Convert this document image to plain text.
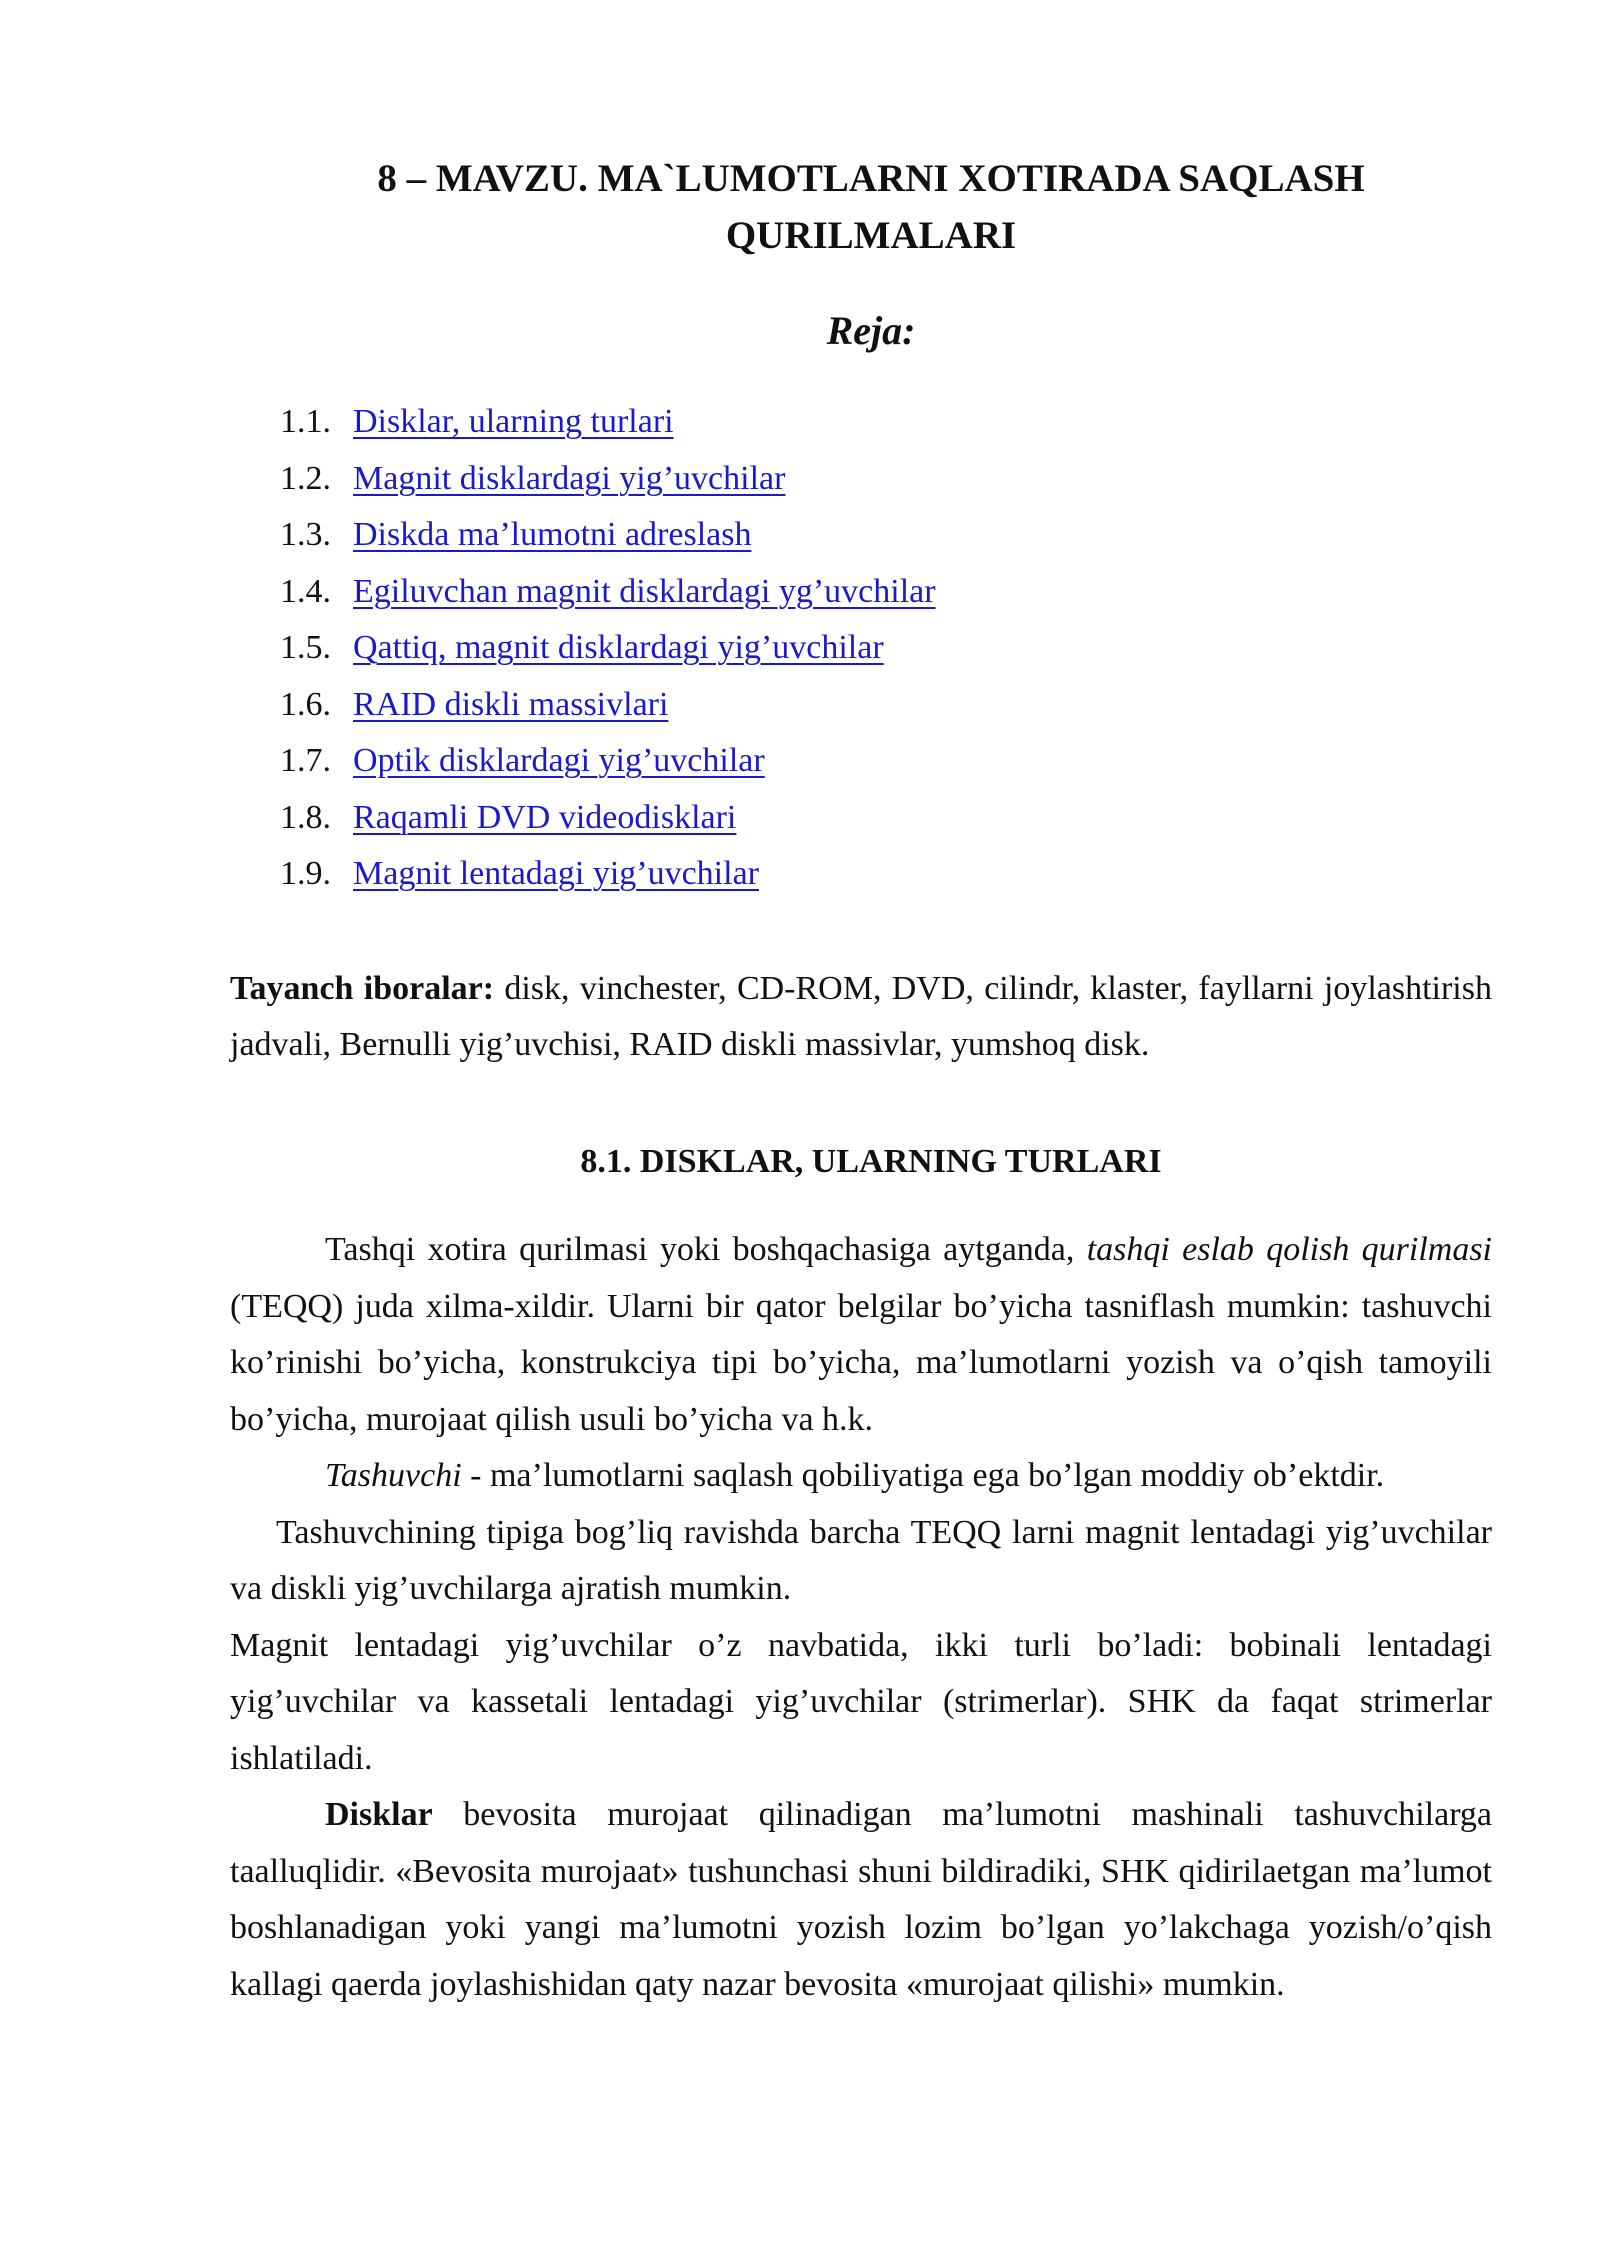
8 – MAVZU. MA`LUMOTLARNI XOTIRADA SAQLASH
QURILMALARI
Reja:
1.1. Disklar, ularning turlari
1.2. Magnit disklardagi yig’uvchilar
1.3. Diskda ma’lumotni adreslash
1.4. Egiluvchan magnit disklardagi yg’uvchilar
1.5. Qattiq, magnit disklardagi yig’uvchilar
1.6. RAID diskli massivlari
1.7. Optik disklardagi yig’uvchilar
1.8. Raqamli DVD videodisklari
1.9. Magnit lentadagi yig’uvchilar

Tayanch iboralar: disk, vinchester, CD-ROM, DVD, cilindr, klaster, fayllarni joylashtirish jadvali, Bernulli yig’uvchisi, RAID diskli massivlar, yumshoq disk.

8.1. DISKLAR, ULARNING TURLARI

Tashqi xotira qurilmasi yoki boshqachasiga aytganda, tashqi eslab qolish qurilmasi (TEQQ) juda xilma-xildir. Ularni bir qator belgilar bo’yicha tasniflash mumkin: tashuvchi ko’rinishi bo’yicha, konstrukciya tipi bo’yicha, ma’lumotlarni yozish va o’qish tamoyili bo’yicha, murojaat qilish usuli bo’yicha va h.k.

Tashuvchi - ma’lumotlarni saqlash qobiliyatiga ega bo’lgan moddiy ob’ektdir.

Tashuvchining tipiga bog’liq ravishda barcha TEQQ larni magnit lentadagi yig’uvchilar va diskli yig’uvchilarga ajratish mumkin.

Magnit lentadagi yig’uvchilar o’z navbatida, ikki turli bo’ladi: bobinali lentadagi yig’uvchilar va kassetali lentadagi yig’uvchilar (strimerlar). SHK da faqat strimerlar ishlatiladi.

Disklar bevosita murojaat qilinadigan ma’lumotni mashinali tashuvchilarga taalluqlidir. «Bevosita murojaat» tushunchasi shuni bildiradiki, SHK qidirilaetgan ma’lumot boshlanadigan yoki yangi ma’lumotni yozish lozim bo’lgan yo’lakchaga yozish/o’qish kallagi qaerda joylashishidan qaty nazar bevosita «murojaat qilishi» mumkin.
